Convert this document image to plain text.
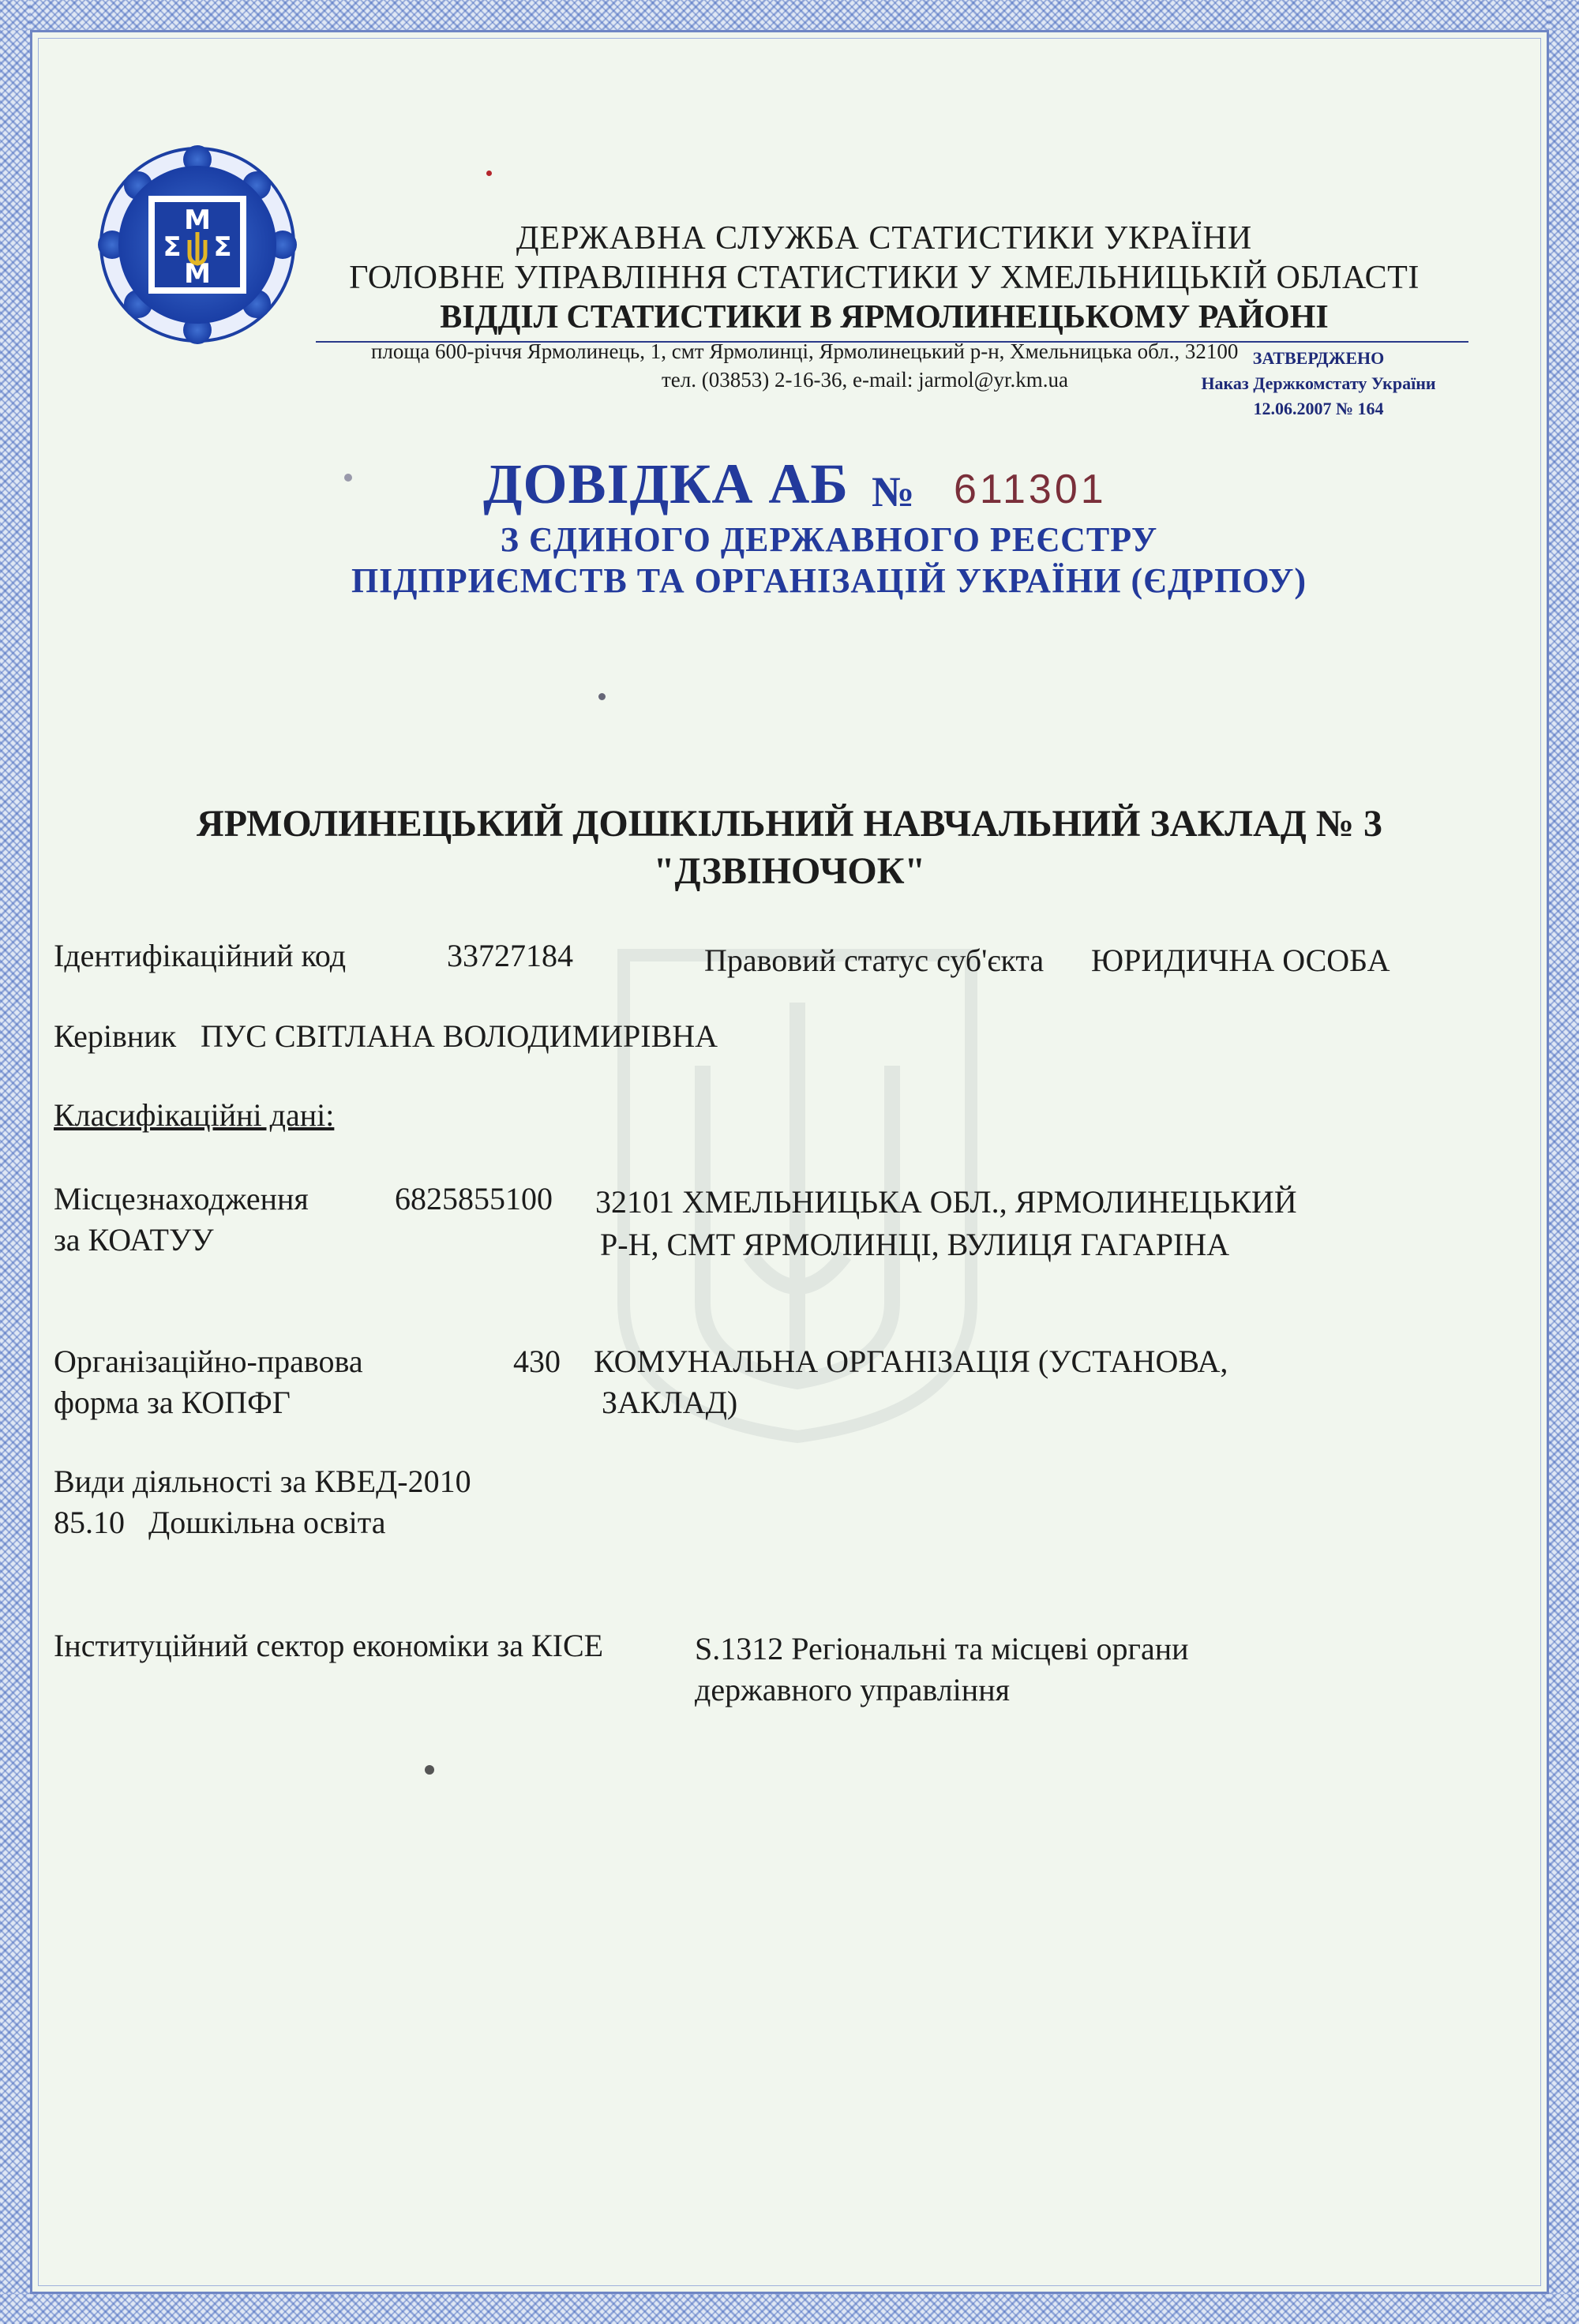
M
M
Σ Σ	ДЕРЖАВНА СЛУЖБА СТАТИСТИКИ УКРАЇНИ
ГОЛОВНЕ УПРАВЛІННЯ СТАТИСТИКИ У ХМЕЛЬНИЦЬКІЙ ОБЛАСТІ
ВІДДІЛ СТАТИСТИКИ В ЯРМОЛИНЕЦЬКОМУ РАЙОНІ
площа 600-річчя Ярмолинець, 1, смт Ярмолинці, Ярмолинецький р-н, Хмельницька обл., 32100
тел. (03853) 2-16-36, e-mail: jarmol@yr.km.ua
ЗАТВЕРДЖЕНО
Наказ Держкомстату України
12.06.2007 № 164
ДОВІДКА АБ № 611301
З ЄДИНОГО ДЕРЖАВНОГО РЕЄСТРУ
ПІДПРИЄМСТВ ТА ОРГАНІЗАЦІЙ УКРАЇНИ (ЄДРПОУ)
ЯРМОЛИНЕЦЬКИЙ ДОШКІЛЬНИЙ НАВЧАЛЬНИЙ ЗАКЛАД № 3
"ДЗВІНОЧОК"
Ідентифікаційний код	33727184	Правовий статус суб'єкта ЮРИДИЧНА ОСОБА
Керівник ПУС СВІТЛАНА ВОЛОДИМИРІВНА
Класифікаційні дані:
Місцезнаходження
за КОАТУУ
6825855100 32101 ХМЕЛЬНИЦЬКА ОБЛ., ЯРМОЛИНЕЦЬКИЙ
Р-Н, СМТ ЯРМОЛИНЦІ, ВУЛИЦЯ ГАГАРІНА
Організаційно-правова
форма за КОПФГ
430 КОМУНАЛЬНА ОРГАНІЗАЦІЯ (УСТАНОВА,
ЗАКЛАД)
Види діяльності за КВЕД-2010
85.10 Дошкільна освіта
Інституційний сектор економіки за КІСЕ	S.1312 Регіональні та місцеві органи
державного управління
